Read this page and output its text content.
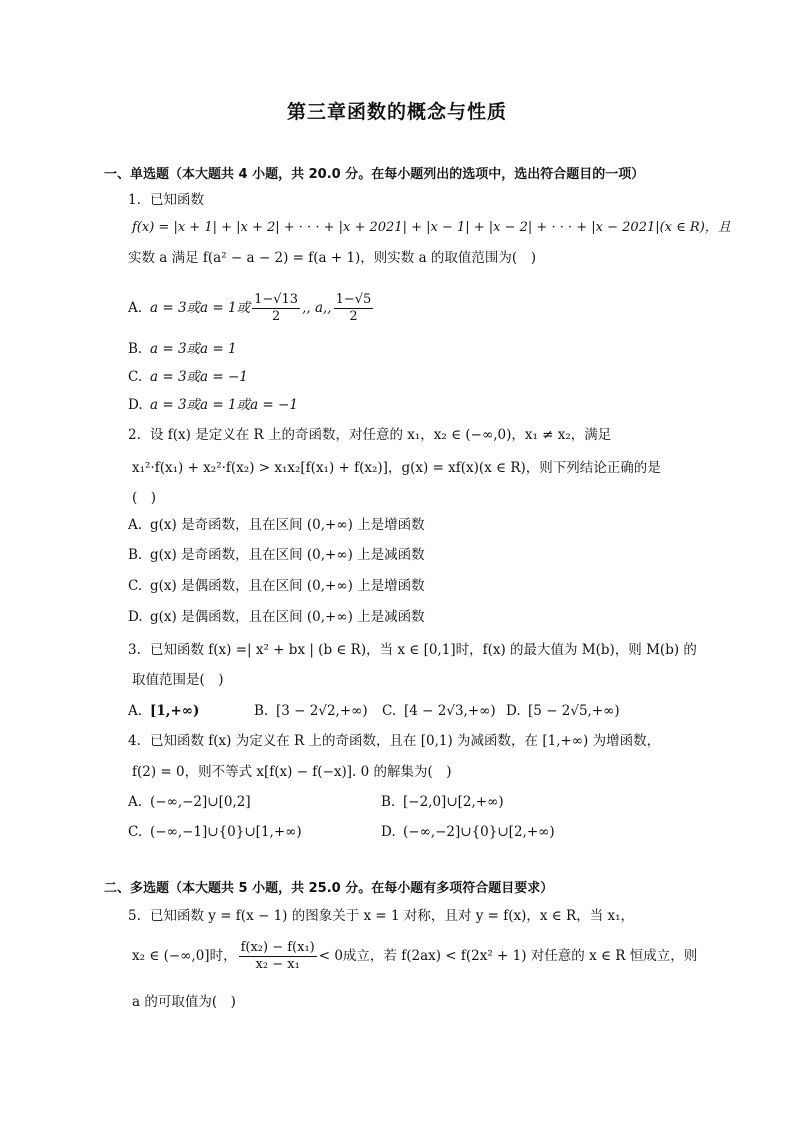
第三章函数的概念与性质
一、单选题（本大题共 4 小题，共 20.0 分。在每小题列出的选项中，选出符合题目的一项）
1. 已知函数
f(x) = |x + 1| + |x + 2| + · · · + |x + 2021| + |x − 1| + |x − 2| + · · · + |x − 2021|(x ∈ R)，且
实数 a 满足 f(a² − a − 2) = f(a + 1)，则实数 a 的取值范围为(　)
A. a = 3或a = 1或 $\frac{1-√13}{2}$ ,, a,, $\frac{1-√5}{2}$
B. a = 3或a = 1
C. a = 3或a = −1
D. a = 3或a = 1或a = −1
2. 设 f(x) 是定义在 R 上的奇函数，对任意的 x₁，x₂ ∈ (−∞,0)，x₁ ≠ x₂，满足
x₁²·f(x₁) + x₂²·f(x₂) > x₁x₂[f(x₁) + f(x₂)]，g(x) = xf(x)(x ∈ R)，则下列结论正确的是
(　)
A. g(x) 是奇函数，且在区间 (0,+∞) 上是增函数
B. g(x) 是奇函数，且在区间 (0,+∞) 上是减函数
C. g(x) 是偶函数，且在区间 (0,+∞) 上是增函数
D. g(x) 是偶函数，且在区间 (0,+∞) 上是减函数
3. 已知函数 f(x) =| x² + bx | (b ∈ R)，当 x ∈ [0,1]时，f(x) 的最大值为 M(b)，则 M(b) 的
取值范围是(　)
A. [1,+∞)	B. [3 − 2√2,+∞) C. [4 − 2√3,+∞) D. [5 − 2√5,+∞)
4. 已知函数 f(x) 为定义在 R 上的奇函数，且在 [0,1) 为减函数，在 [1,+∞) 为增函数，
f(2) = 0，则不等式 x[f(x) − f(−x)]. 0 的解集为(　)
A. (−∞,−2]∪[0,2]	B. [−2,0]∪[2,+∞)
C. (−∞,−1]∪{0}∪[1,+∞)	D. (−∞,−2]∪{0}∪[2,+∞)
二、多选题（本大题共 5 小题，共 25.0 分。在每小题有多项符合题目要求）
5. 已知函数 y = f(x − 1) 的图象关于 x = 1 对称，且对 y = f(x)，x ∈ R，当 x₁，
x₂ ∈ (−∞,0]时， $\frac{\text{f(x₂) − f(x₁)}}{\text{x₂ − x₁}} < 0$成立，若 f(2ax) < f(2x² + 1) 对任意的 x ∈ R 恒成立，则
a 的可取值为(　)
